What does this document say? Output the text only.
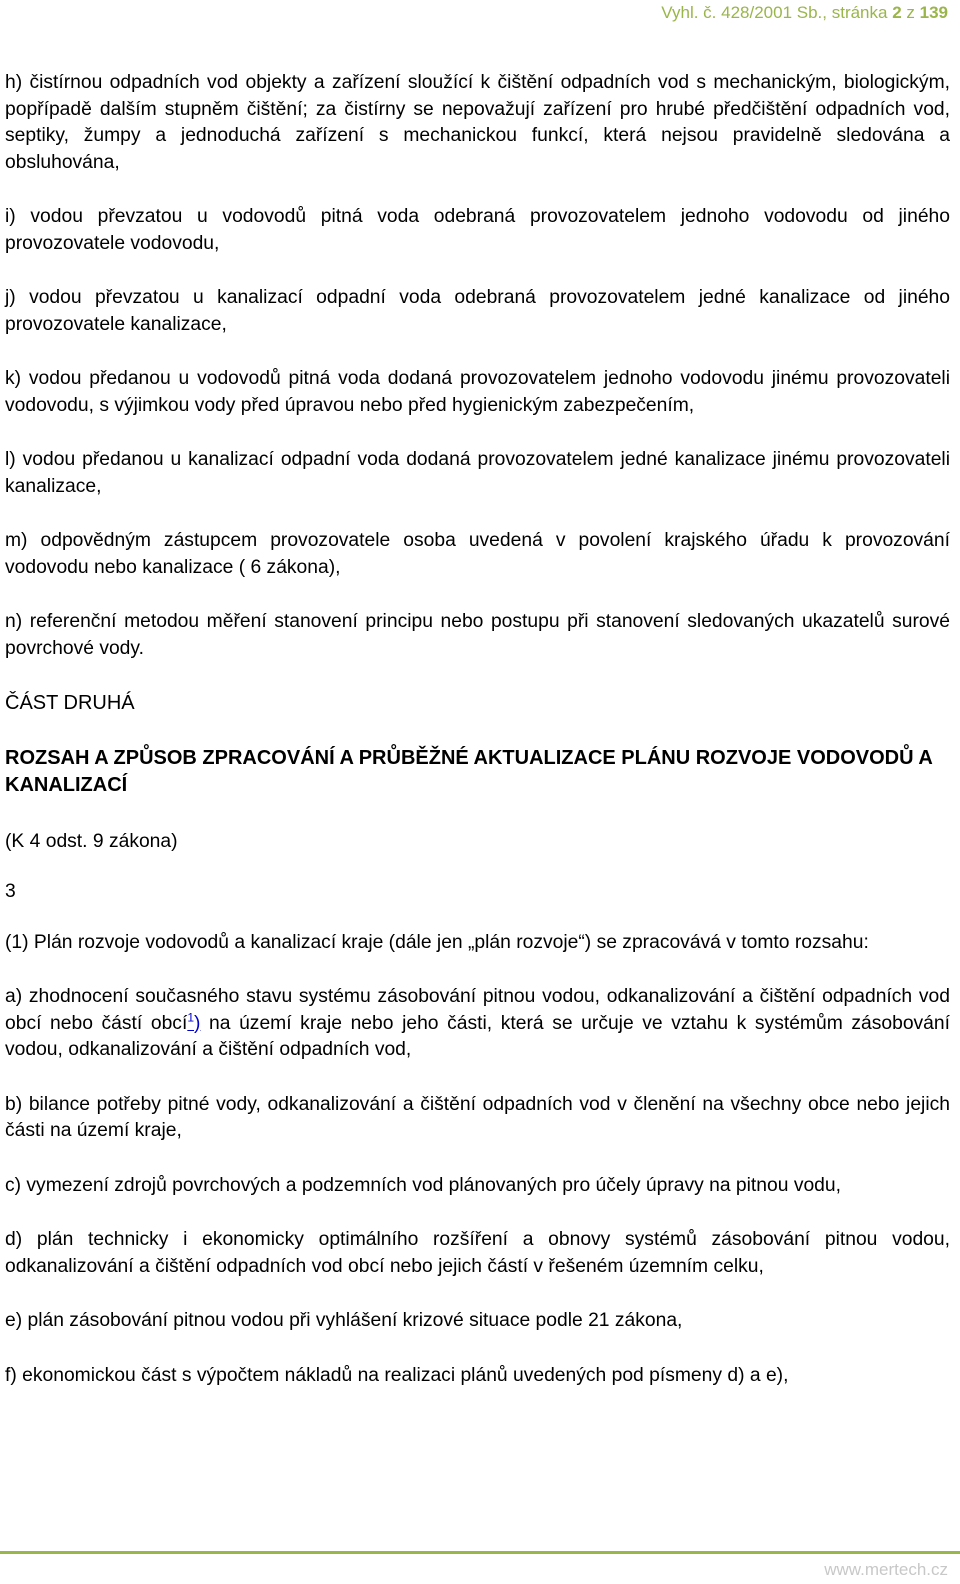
Vyhl. č. 428/2001 Sb., stránka 2 z 139

h) čistírnou odpadních vod objekty a zařízení sloužící k čištění odpadních vod s mechanickým, biologickým, popřípadě dalším stupněm čištění; za čistírny se nepovažují zařízení pro hrubé předčištění odpadních vod, septiky, žumpy a jednoduchá zařízení s mechanickou funkcí, která nejsou pravidelně sledována a obsluhována,

i) vodou převzatou u vodovodů pitná voda odebraná provozovatelem jednoho vodovodu od jiného provozovatele vodovodu,

j) vodou převzatou u kanalizací odpadní voda odebraná provozovatelem jedné kanalizace od jiného provozovatele kanalizace,

k) vodou předanou u vodovodů pitná voda dodaná provozovatelem jednoho vodovodu jinému provozovateli vodovodu, s výjimkou vody před úpravou nebo před hygienickým zabezpečením,

l) vodou předanou u kanalizací odpadní voda dodaná provozovatelem jedné kanalizace jinému provozovateli kanalizace,

m) odpovědným zástupcem provozovatele osoba uvedená v povolení krajského úřadu k provozování vodovodu nebo kanalizace ( 6 zákona),

n) referenční metodou měření stanovení principu nebo postupu při stanovení sledovaných ukazatelů surové povrchové vody.

ČÁST DRUHÁ
ROZSAH A ZPŮSOB ZPRACOVÁNÍ A PRŮBĚŽNÉ AKTUALIZACE PLÁNU ROZVOJE VODOVODŮ A KANALIZACÍ

(K 4 odst. 9 zákona)

3

(1) Plán rozvoje vodovodů a kanalizací kraje (dále jen „plán rozvoje“) se zpracovává v tomto rozsahu:

a) zhodnocení současného stavu systému zásobování pitnou vodou, odkanalizování a čištění odpadních vod obcí nebo částí obcí$^1$) na území kraje nebo jeho části, která se určuje ve vztahu k systémům zásobování vodou, odkanalizování a čištění odpadních vod,

b) bilance potřeby pitné vody, odkanalizování a čištění odpadních vod v členění na všechny obce nebo jejich části na území kraje,

c) vymezení zdrojů povrchových a podzemních vod plánovaných pro účely úpravy na pitnou vodu,

d) plán technicky i ekonomicky optimálního rozšíření a obnovy systémů zásobování pitnou vodou, odkanalizování a čištění odpadních vod obcí nebo jejich částí v řešeném územním celku,

e) plán zásobování pitnou vodou při vyhlášení krizové situace podle 21 zákona,

f) ekonomickou část s výpočtem nákladů na realizaci plánů uvedených pod písmeny d) a e),

www.mertech.cz
